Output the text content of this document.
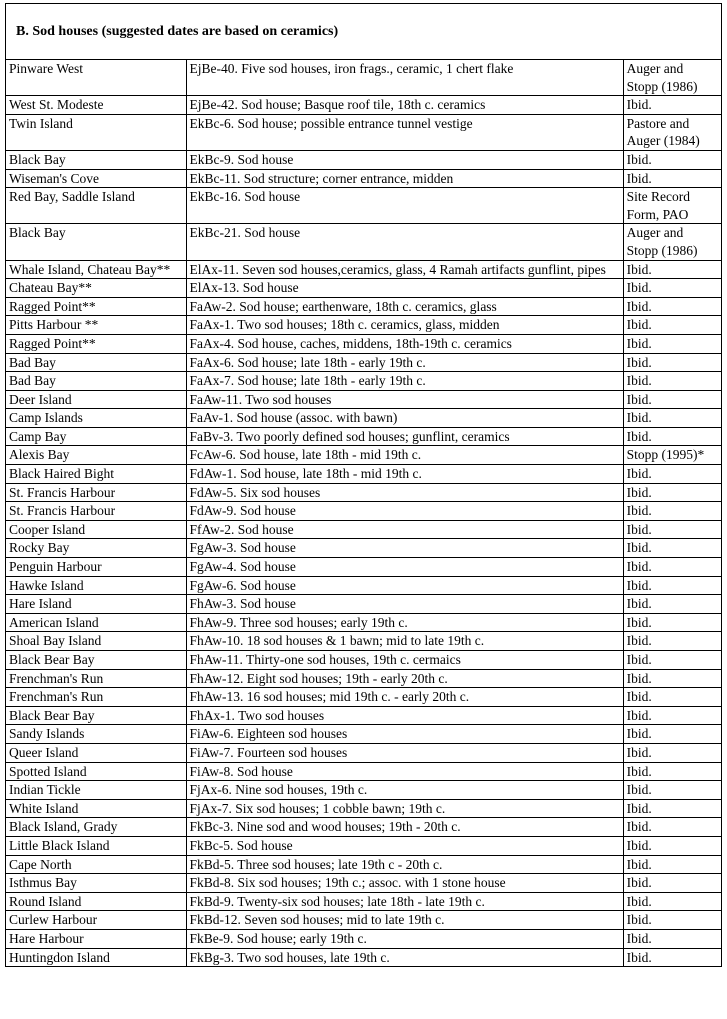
B. Sod houses (suggested dates are based on ceramics)		
Pinware West	EjBe-40. Five sod houses, iron frags., ceramic, 1 chert flake	Auger and Stopp (1986)
West St. Modeste	EjBe-42. Sod house; Basque roof tile, 18th c. ceramics	Ibid.
Twin Island	EkBc-6. Sod house; possible entrance tunnel vestige	Pastore and Auger (1984)
Black Bay	EkBc-9. Sod house	Ibid.
Wiseman's Cove	EkBc-11. Sod structure; corner entrance, midden	Ibid.
Red Bay, Saddle Island	EkBc-16. Sod house	Site Record Form, PAO
Black Bay	EkBc-21. Sod house	Auger and Stopp (1986)
Whale Island, Chateau Bay**	ElAx-11. Seven sod houses,ceramics, glass, 4 Ramah artifacts gunflint, pipes	Ibid.
Chateau Bay**	ElAx-13. Sod house	Ibid.
Ragged Point**	FaAw-2. Sod house; earthenware, 18th c. ceramics, glass	Ibid.
Pitts Harbour **	FaAx-1. Two sod houses; 18th c. ceramics, glass, midden	Ibid.
Ragged Point**	FaAx-4. Sod house, caches, middens, 18th-19th c. ceramics	Ibid.
Bad Bay	FaAx-6. Sod house; late 18th - early 19th c.	Ibid.
Bad Bay	FaAx-7. Sod house; late 18th - early 19th c.	Ibid.
Deer Island	FaAw-11. Two sod houses	Ibid.
Camp Islands	FaAv-1. Sod house (assoc. with bawn)	Ibid.
Camp Bay	FaBv-3. Two poorly defined sod houses; gunflint, ceramics	Ibid.
Alexis Bay	FcAw-6. Sod house, late 18th - mid 19th c.	Stopp (1995)*
Black Haired Bight	FdAw-1. Sod house, late 18th - mid 19th c.	Ibid.
St. Francis Harbour	FdAw-5. Six sod houses	Ibid.
St. Francis Harbour	FdAw-9. Sod house	Ibid.
Cooper Island	FfAw-2. Sod house	Ibid.
Rocky Bay	FgAw-3. Sod house	Ibid.
Penguin Harbour	FgAw-4. Sod house	Ibid.
Hawke Island	FgAw-6. Sod house	Ibid.
Hare Island	FhAw-3. Sod house	Ibid.
American Island	FhAw-9. Three sod houses; early 19th c.	Ibid.
Shoal Bay Island	FhAw-10. 18 sod houses & 1 bawn; mid to late 19th c.	Ibid.
Black Bear Bay	FhAw-11. Thirty-one sod houses, 19th c. cermaics	Ibid.
Frenchman's Run	FhAw-12. Eight sod houses; 19th - early 20th c.	Ibid.
Frenchman's Run	FhAw-13. 16 sod houses; mid 19th c. - early 20th c.	Ibid.
Black Bear Bay	FhAx-1. Two sod houses	Ibid.
Sandy Islands	FiAw-6. Eighteen sod houses	Ibid.
Queer Island	FiAw-7. Fourteen sod houses	Ibid.
Spotted Island	FiAw-8. Sod house	Ibid.
Indian Tickle	FjAx-6. Nine sod houses, 19th c.	Ibid.
White Island	FjAx-7. Six sod houses; 1 cobble bawn; 19th c.	Ibid.
Black Island, Grady	FkBc-3. Nine sod and wood houses; 19th - 20th c.	Ibid.
Little Black Island	FkBc-5. Sod house	Ibid.
Cape North	FkBd-5. Three sod houses; late 19th c - 20th c.	Ibid.
Isthmus Bay	FkBd-8. Six sod houses; 19th c.; assoc. with 1 stone house	Ibid.
Round Island	FkBd-9. Twenty-six sod houses; late 18th - late 19th c.	Ibid.
Curlew Harbour	FkBd-12. Seven sod houses; mid to late 19th c.	Ibid.
Hare Harbour	FkBe-9. Sod house; early 19th c.	Ibid.
Huntingdon Island	FkBg-3. Two sod houses, late 19th c.	Ibid.
